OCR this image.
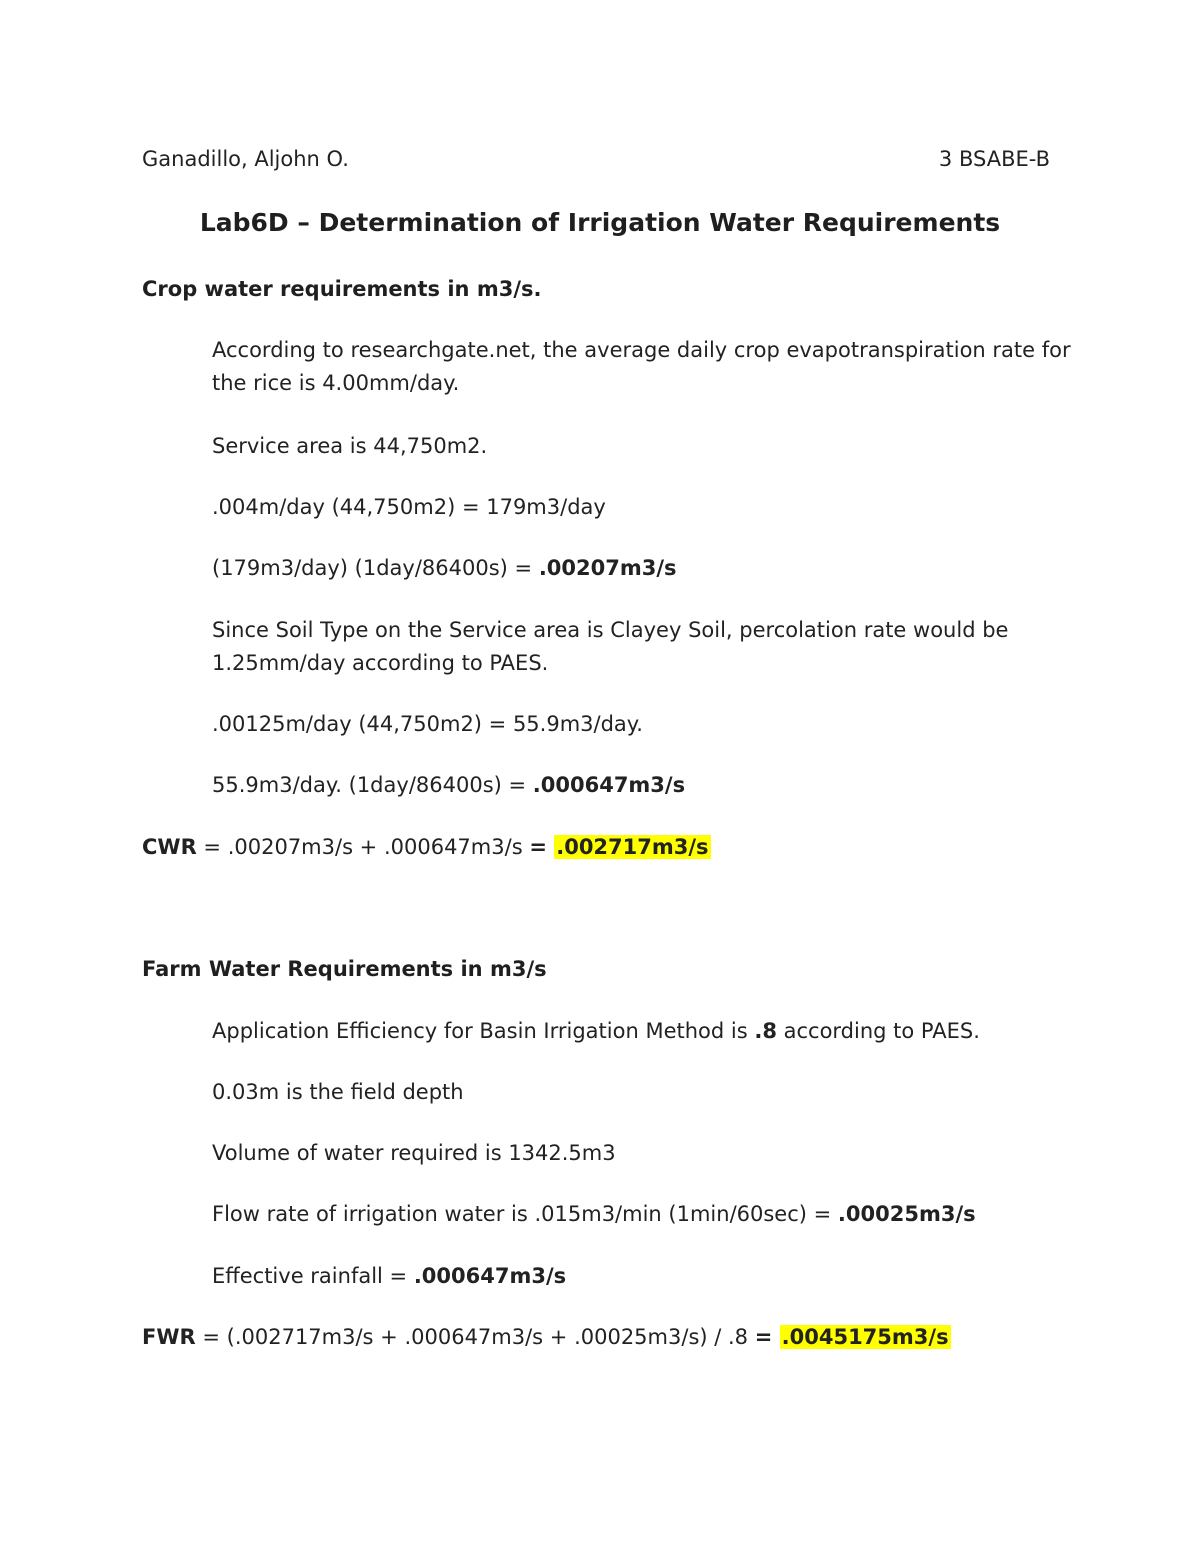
Ganadillo, Aljohn O.	3 BSABE-B
Lab6D – Determination of Irrigation Water Requirements
Crop water requirements in m3/s.
According to researchgate.net, the average daily crop evapotranspiration rate for the rice is 4.00mm/day.
Service area is 44,750m2.
.004m/day (44,750m2) = 179m3/day
(179m3/day) (1day/86400s) = .00207m3/s
Since Soil Type on the Service area is Clayey Soil, percolation rate would be 1.25mm/day according to PAES.
.00125m/day (44,750m2) = 55.9m3/day.
55.9m3/day. (1day/86400s) = .000647m3/s
CWR = .00207m3/s + .000647m3/s = .002717m3/s
Farm Water Requirements in m3/s
Application Efficiency for Basin Irrigation Method is .8 according to PAES.
0.03m is the field depth
Volume of water required is 1342.5m3
Flow rate of irrigation water is .015m3/min (1min/60sec) = .00025m3/s
Effective rainfall = .000647m3/s
FWR = (.002717m3/s + .000647m3/s + .00025m3/s) / .8 = .0045175m3/s
